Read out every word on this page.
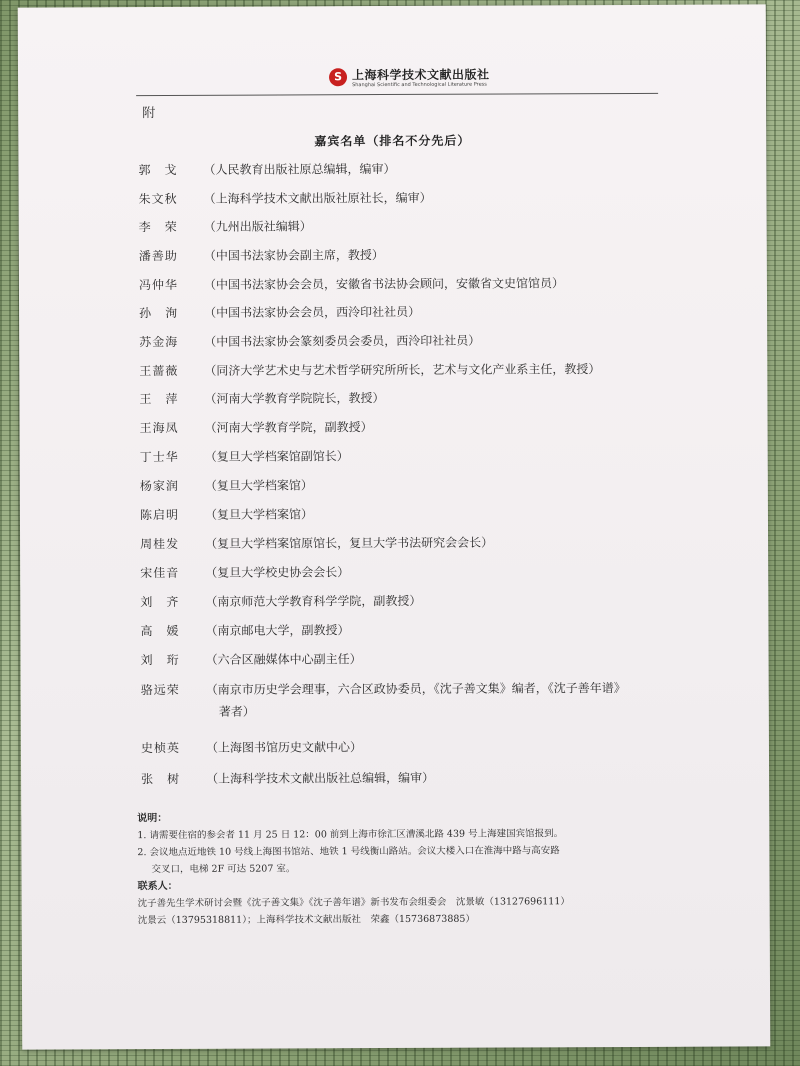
S 上海科学技术文献出版社
Shanghai Scientific and Technological Literature Press
附
嘉宾名单（排名不分先后）
郭　戈	（人民教育出版社原总编辑，编审）
朱文秋	（上海科学技术文献出版社原社长，编审）
李　荣	（九州出版社编辑）
潘善助	（中国书法家协会副主席，教授）
冯仲华	（中国书法家协会会员，安徽省书法协会顾问，安徽省文史馆馆员）
孙　洵	（中国书法家协会会员，西泠印社社员）
苏金海	（中国书法家协会篆刻委员会委员，西泠印社社员）
王蔷薇	（同济大学艺术史与艺术哲学研究所所长，艺术与文化产业系主任，教授）
王　萍	（河南大学教育学院院长，教授）
王海凤	（河南大学教育学院，副教授）
丁士华	（复旦大学档案馆副馆长）
杨家润	（复旦大学档案馆）
陈启明	（复旦大学档案馆）
周桂发	（复旦大学档案馆原馆长，复旦大学书法研究会会长）
宋佳音	（复旦大学校史协会会长）
刘　齐	（南京师范大学教育科学学院，副教授）
高　媛	（南京邮电大学，副教授）
刘　珩	（六合区融媒体中心副主任）
骆远荣	（南京市历史学会理事，六合区政协委员，《沈子善文集》编者，《沈子善年谱》
著者）
史桢英	（上海图书馆历史文献中心）
张　树	（上海科学技术文献出版社总编辑，编审）
说明：
1. 请需要住宿的参会者 11 月 25 日 12：00 前到上海市徐汇区漕溪北路 439 号上海建国宾馆报到。
2. 会议地点近地铁 10 号线上海图书馆站、地铁 1 号线衡山路站。会议大楼入口在淮海中路与高安路
交叉口，电梯 2F 可达 5207 室。
联系人：
沈子善先生学术研讨会暨《沈子善文集》《沈子善年谱》新书发布会组委会　沈景敏（13127696111）
沈景云（13795318811）；上海科学技术文献出版社　荣鑫（15736873885）
